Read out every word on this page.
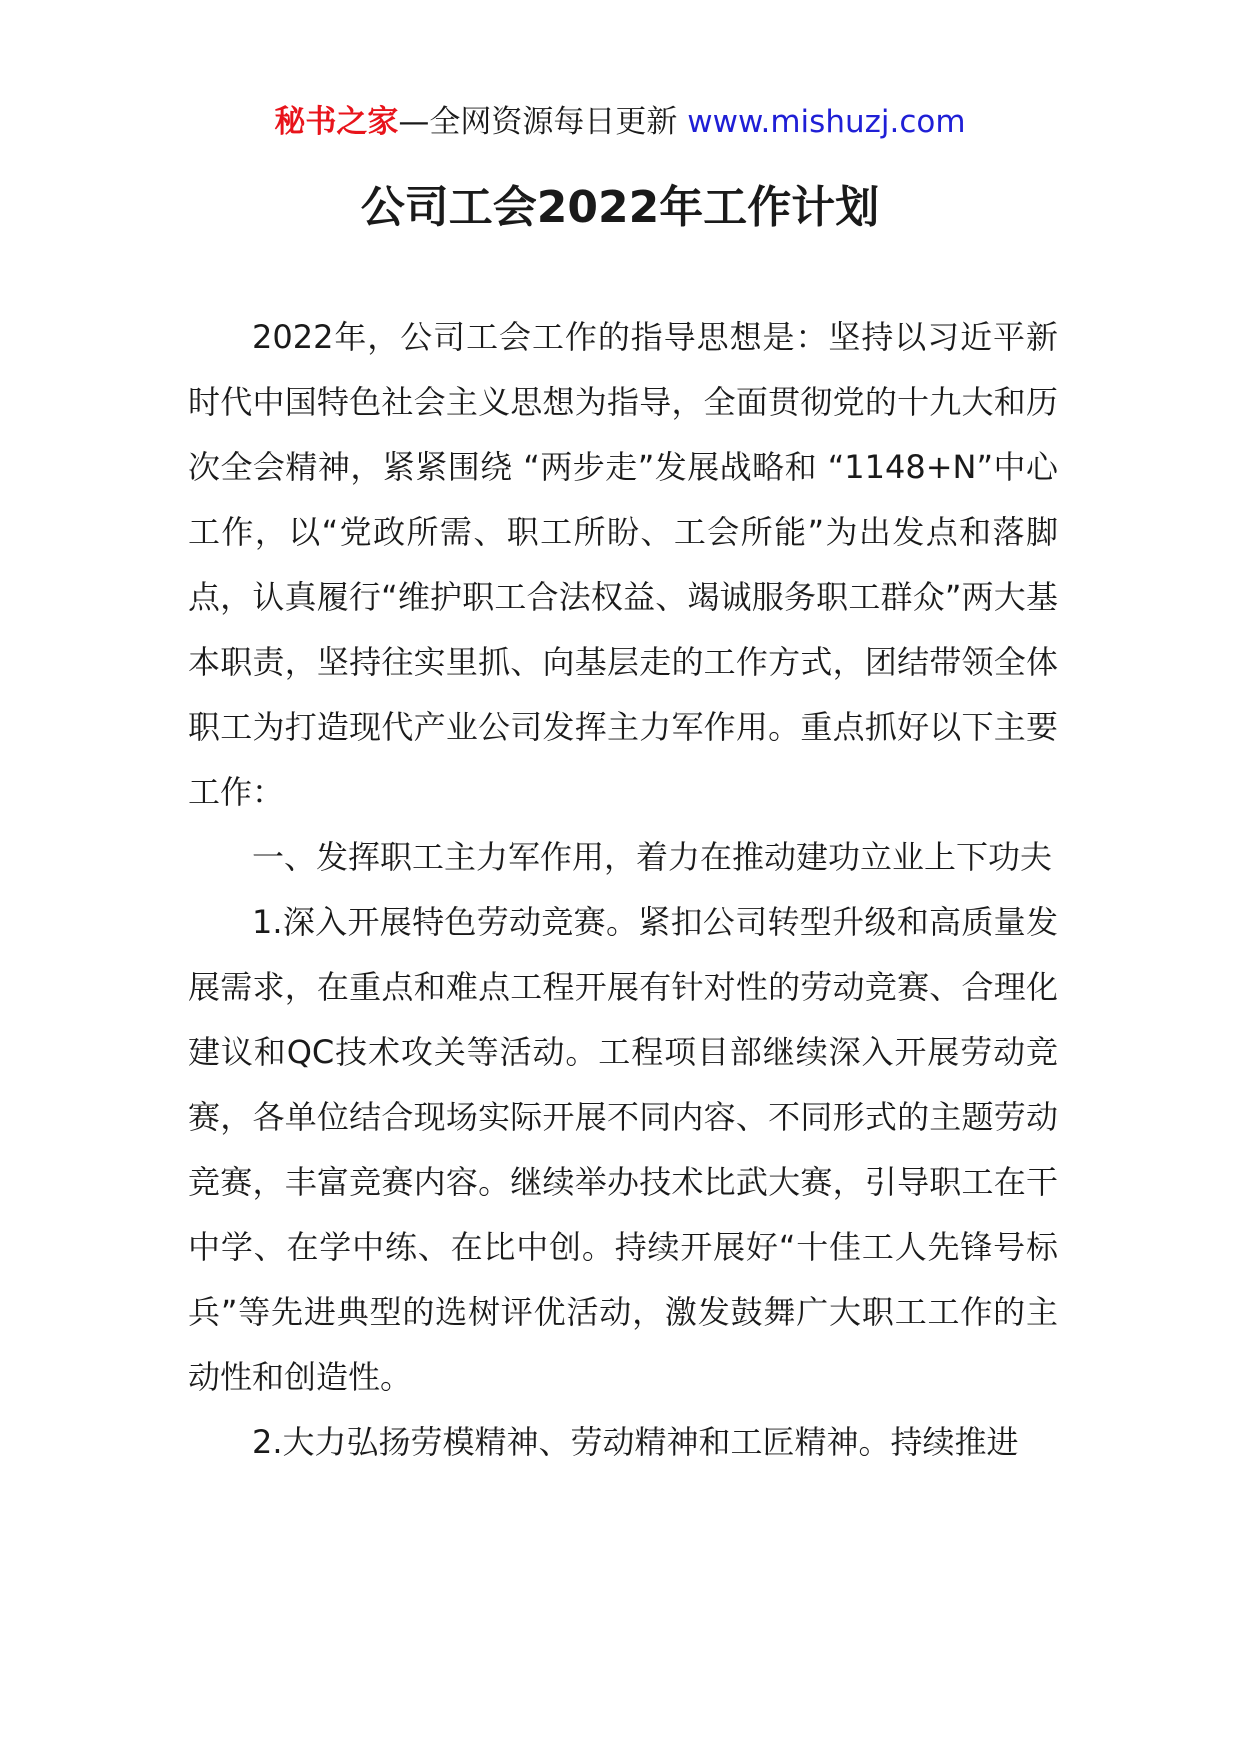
秘书之家—全网资源每日更新 www.mishuzj.com
公司工会2022年工作计划

2022年，公司工会工作的指导思想是：坚持以习近平新时代中国特色社会主义思想为指导，全面贯彻党的十九大和历次全会精神，紧紧围绕 “两步走”发展战略和 “1148+N”中心工作，以“党政所需、职工所盼、工会所能”为出发点和落脚点，认真履行“维护职工合法权益、竭诚服务职工群众”两大基本职责，坚持往实里抓、向基层走的工作方式，团结带领全体职工为打造现代产业公司发挥主力军作用。重点抓好以下主要工作：

一、发挥职工主力军作用，着力在推动建功立业上下功夫

1.深入开展特色劳动竞赛。紧扣公司转型升级和高质量发展需求，在重点和难点工程开展有针对性的劳动竞赛、合理化建议和QC技术攻关等活动。工程项目部继续深入开展劳动竞赛，各单位结合现场实际开展不同内容、不同形式的主题劳动竞赛，丰富竞赛内容。继续举办技术比武大赛，引导职工在干中学、在学中练、在比中创。持续开展好“十佳工人先锋号标兵”等先进典型的选树评优活动，激发鼓舞广大职工工作的主动性和创造性。

2.大力弘扬劳模精神、劳动精神和工匠精神。持续推进
